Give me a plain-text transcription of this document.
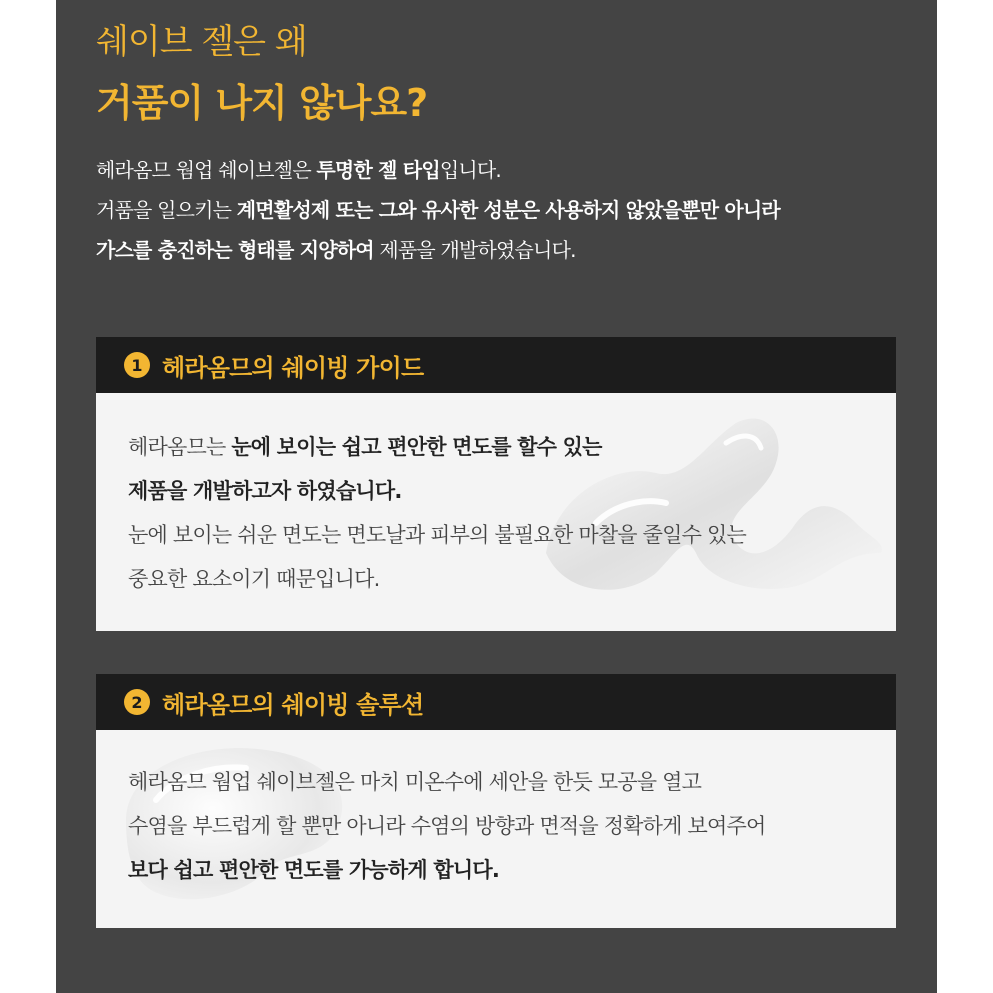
쉐이브 젤은 왜
거품이 나지 않나요?

헤라옴므 웜업 쉐이브젤은 투명한 젤 타입입니다.

거품을 일으키는 계면활성제 또는 그와 유사한 성분은 사용하지 않았을뿐만 아니라

가스를 충진하는 형태를 지양하여 제품을 개발하였습니다.

1 헤라옴므의 쉐이빙 가이드

헤라옴므는 눈에 보이는 쉽고 편안한 면도를 할수 있는

제품을 개발하고자 하였습니다.

눈에 보이는 쉬운 면도는 면도날과 피부의 불필요한 마찰을 줄일수 있는

중요한 요소이기 때문입니다.

2 헤라옴므의 쉐이빙 솔루션

헤라옴므 웜업 쉐이브젤은 마치 미온수에 세안을 한듯 모공을 열고

수염을 부드럽게 할 뿐만 아니라 수염의 방향과 면적을 정확하게 보여주어

보다 쉽고 편안한 면도를 가능하게 합니다.
